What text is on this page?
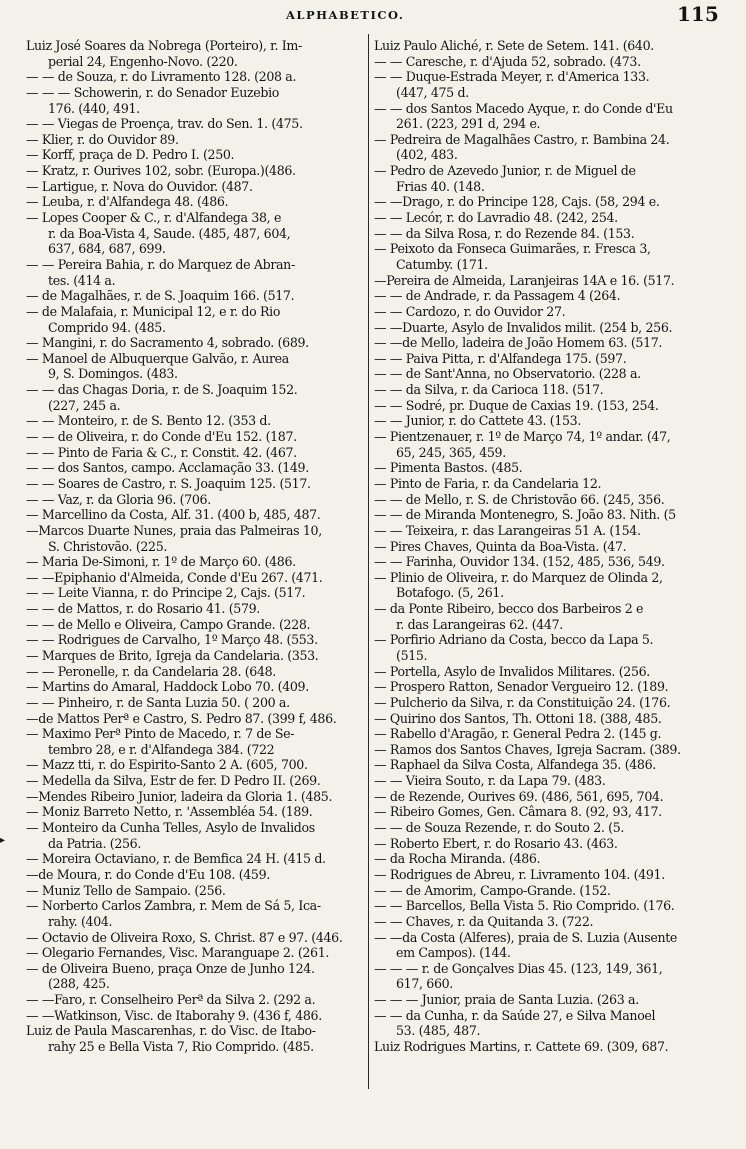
ALPHABETICO.	115
▸
Luiz José Soares da Nobrega (Porteiro), r. Im-
perial 24, Engenho-Novo. (220.
— — de Souza, r. do Livramento 128. (208 a.
— — — Schowerin, r. do Senador Euzebio
176. (440, 491.
— — Viegas de Proença, trav. do Sen. 1. (475.
— Klier, r. do Ouvidor 89.
— Korff, praça de D. Pedro I. (250.
— Kratz, r. Ourives 102, sobr. (Europa.)(486.
— Lartigue, r. Nova do Ouvidor. (487.
— Leuba, r. d'Alfandega 48. (486.
— Lopes Cooper & C., r. d'Alfandega 38, e
r. da Boa-Vista 4, Saude. (485, 487, 604,
637, 684, 687, 699.
— — Pereira Bahia, r. do Marquez de Abran-
tes. (414 a.
— de Magalhães, r. de S. Joaquim 166. (517.
— de Malafaia, r. Municipal 12, e r. do Rio
Comprido 94. (485.
— Mangini, r. do Sacramento 4, sobrado. (689.
— Manoel de Albuquerque Galvão, r. Aurea
9, S. Domingos. (483.
— — das Chagas Doria, r. de S. Joaquim 152.
(227, 245 a.
— — Monteiro, r. de S. Bento 12. (353 d.
— — de Oliveira, r. do Conde d'Eu 152. (187.
— — Pinto de Faria & C., r. Constit. 42. (467.
— — dos Santos, campo. Acclamação 33. (149.
— — Soares de Castro, r. S. Joaquim 125. (517.
— — Vaz, r. da Gloria 96. (706.
— Marcellino da Costa, Alf. 31. (400 b, 485, 487.
—Marcos Duarte Nunes, praia das Palmeiras 10,
S. Christovão. (225.
— Maria De-Simoni, r. 1º de Março 60. (486.
— —Epiphanio d'Almeida, Conde d'Eu 267. (471.
— — Leite Vianna, r. do Principe 2, Cajs. (517.
— — de Mattos, r. do Rosario 41. (579.
— — de Mello e Oliveira, Campo Grande. (228.
— — Rodrigues de Carvalho, 1º Março 48. (553.
— Marques de Brito, Igreja da Candelaria. (353.
— — Peronelle, r. da Candelaria 28. (648.
— Martins do Amaral, Haddock Lobo 70. (409.
— — Pinheiro, r. de Santa Luzia 50. ( 200 a.
—de Mattos Perª e Castro, S. Pedro 87. (399 f, 486.
— Maximo Perª Pinto de Macedo, r. 7 de Se-
tembro 28, e r. d'Alfandega 384. (722
— Mazz tti, r. do Espirito-Santo 2 A. (605, 700.
— Medella da Silva, Estr de fer. D Pedro II. (269.
—Mendes Ribeiro Junior, ladeira da Gloria 1. (485.
— Moniz Barreto Netto, r. 'Assembléa 54. (189.
— Monteiro da Cunha Telles, Asylo de Invalidos
da Patria. (256.
— Moreira Octaviano, r. de Bemfica 24 H. (415 d.
—de Moura, r. do Conde d'Eu 108. (459.
— Muniz Tello de Sampaio. (256.
— Norberto Carlos Zambra, r. Mem de Sá 5, Ica-
rahy. (404.
— Octavio de Oliveira Roxo, S. Christ. 87 e 97. (446.
— Olegario Fernandes, Visc. Maranguape 2. (261.
— de Oliveira Bueno, praça Onze de Junho 124.
(288, 425.
— —Faro, r. Conselheiro Perª da Silva 2. (292 a.
— —Watkinson, Visc. de Itaborahy 9. (436 f, 486.
Luiz de Paula Mascarenhas, r. do Visc. de Itabo-
rahy 25 e Bella Vista 7, Rio Comprido. (485.
Luiz Paulo Aliché, r. Sete de Setem. 141. (640.
— — Caresche, r. d'Ajuda 52, sobrado. (473.
— — Duque-Estrada Meyer, r. d'America 133.
(447, 475 d.
— — dos Santos Macedo Ayque, r. do Conde d'Eu
261. (223, 291 d, 294 e.
— Pedreira de Magalhães Castro, r. Bambina 24.
(402, 483.
— Pedro de Azevedo Junior, r. de Miguel de
Frias 40. (148.
— —Drago, r. do Principe 128, Cajs. (58, 294 e.
— — Lecór, r. do Lavradio 48. (242, 254.
— — da Silva Rosa, r. do Rezende 84. (153.
— Peixoto da Fonseca Guimarães, r. Fresca 3,
Catumby. (171.
—Pereira de Almeida, Laranjeiras 14A e 16. (517.
— — de Andrade, r. da Passagem 4 (264.
— — Cardozo, r. do Ouvidor 27.
— —Duarte, Asylo de Invalidos milit. (254 b, 256.
— —de Mello, ladeira de João Homem 63. (517.
— — Paiva Pitta, r. d'Alfandega 175. (597.
— — de Sant'Anna, no Observatorio. (228 a.
— — da Silva, r. da Carioca 118. (517.
— — Sodré, pr. Duque de Caxias 19. (153, 254.
— — Junior, r. do Cattete 43. (153.
— Pientzenauer, r. 1º de Março 74, 1º andar. (47,
65, 245, 365, 459.
— Pimenta Bastos. (485.
— Pinto de Faria, r. da Candelaria 12.
— — de Mello, r. S. de Christovão 66. (245, 356.
— — de Miranda Montenegro, S. João 83. Nith. (5
— — Teixeira, r. das Larangeiras 51 A. (154.
— Pires Chaves, Quinta da Boa-Vista. (47.
— — Farinha, Ouvidor 134. (152, 485, 536, 549.
— Plinio de Oliveira, r. do Marquez de Olinda 2,
Botafogo. (5, 261.
— da Ponte Ribeiro, becco dos Barbeiros 2 e
r. das Larangeiras 62. (447.
— Porfirio Adriano da Costa, becco da Lapa 5.
(515.
— Portella, Asylo de Invalidos Militares. (256.
— Prospero Ratton, Senador Vergueiro 12. (189.
— Pulcherio da Silva, r. da Constituição 24. (176.
— Quirino dos Santos, Th. Ottoni 18. (388, 485.
— Rabello d'Aragão, r. General Pedra 2. (145 g.
— Ramos dos Santos Chaves, Igreja Sacram. (389.
— Raphael da Silva Costa, Alfandega 35. (486.
— — Vieira Souto, r. da Lapa 79. (483.
— de Rezende, Ourives 69. (486, 561, 695, 704.
— Ribeiro Gomes, Gen. Câmara 8. (92, 93, 417.
— — de Souza Rezende, r. do Souto 2. (5.
— Roberto Ebert, r. do Rosario 43. (463.
— da Rocha Miranda. (486.
— Rodrigues de Abreu, r. Livramento 104. (491.
— — de Amorim, Campo-Grande. (152.
— — Barcellos, Bella Vista 5. Rio Comprido. (176.
— — Chaves, r. da Quitanda 3. (722.
— —da Costa (Alferes), praia de S. Luzia (Ausente
em Campos). (144.
— — — r. de Gonçalves Dias 45. (123, 149, 361,
617, 660.
— — — Junior, praia de Santa Luzia. (263 a.
— — da Cunha, r. da Saúde 27, e Silva Manoel
53. (485, 487.
Luiz Rodrigues Martins, r. Cattete 69. (309, 687.
